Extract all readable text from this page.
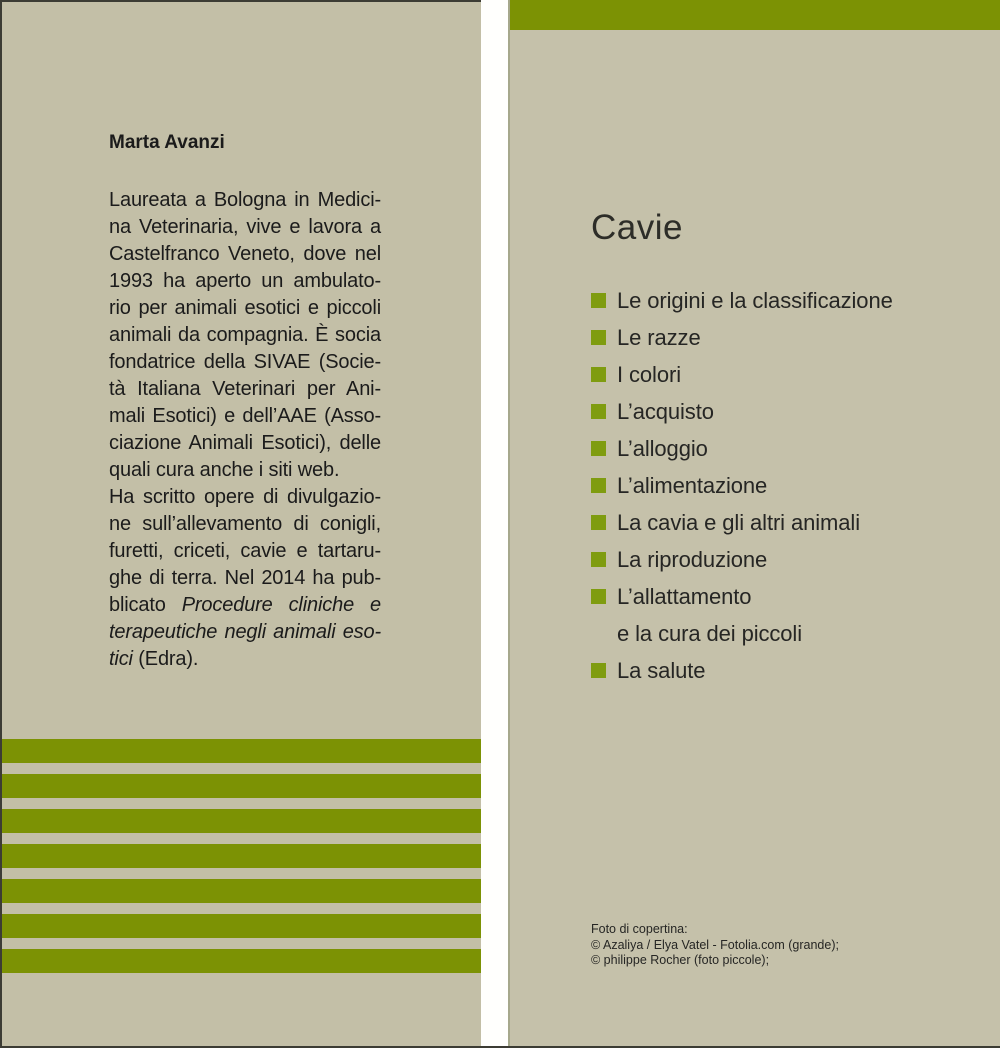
Marta Avanzi
Laureata a Bologna in Medici-
na Veterinaria, vive e lavora a
Castelfranco Veneto, dove nel
1993 ha aperto un ambulato-
rio per animali esotici e piccoli
animali da compagnia. È socia
fondatrice della SIVAE (Socie-
tà Italiana Veterinari per Ani-
mali Esotici) e dell’AAE (Asso-
ciazione Animali Esotici), delle
quali cura anche i siti web.
Ha scritto opere di divulgazio-
ne sull’allevamento di conigli,
furetti, criceti, cavie e tartaru-
ghe di terra. Nel 2014 ha pub-
blicato Procedure cliniche e
terapeutiche negli animali eso-
tici (Edra).
Cavie
Le origini e la classificazione
Le razze
I colori
L’acquisto
L’alloggio
L’alimentazione
La cavia e gli altri animali
La riproduzione
L’allattamento
e la cura dei piccoli
La salute
Foto di copertina:
© Azaliya / Elya Vatel - Fotolia.com (grande);
© philippe Rocher (foto piccole);
